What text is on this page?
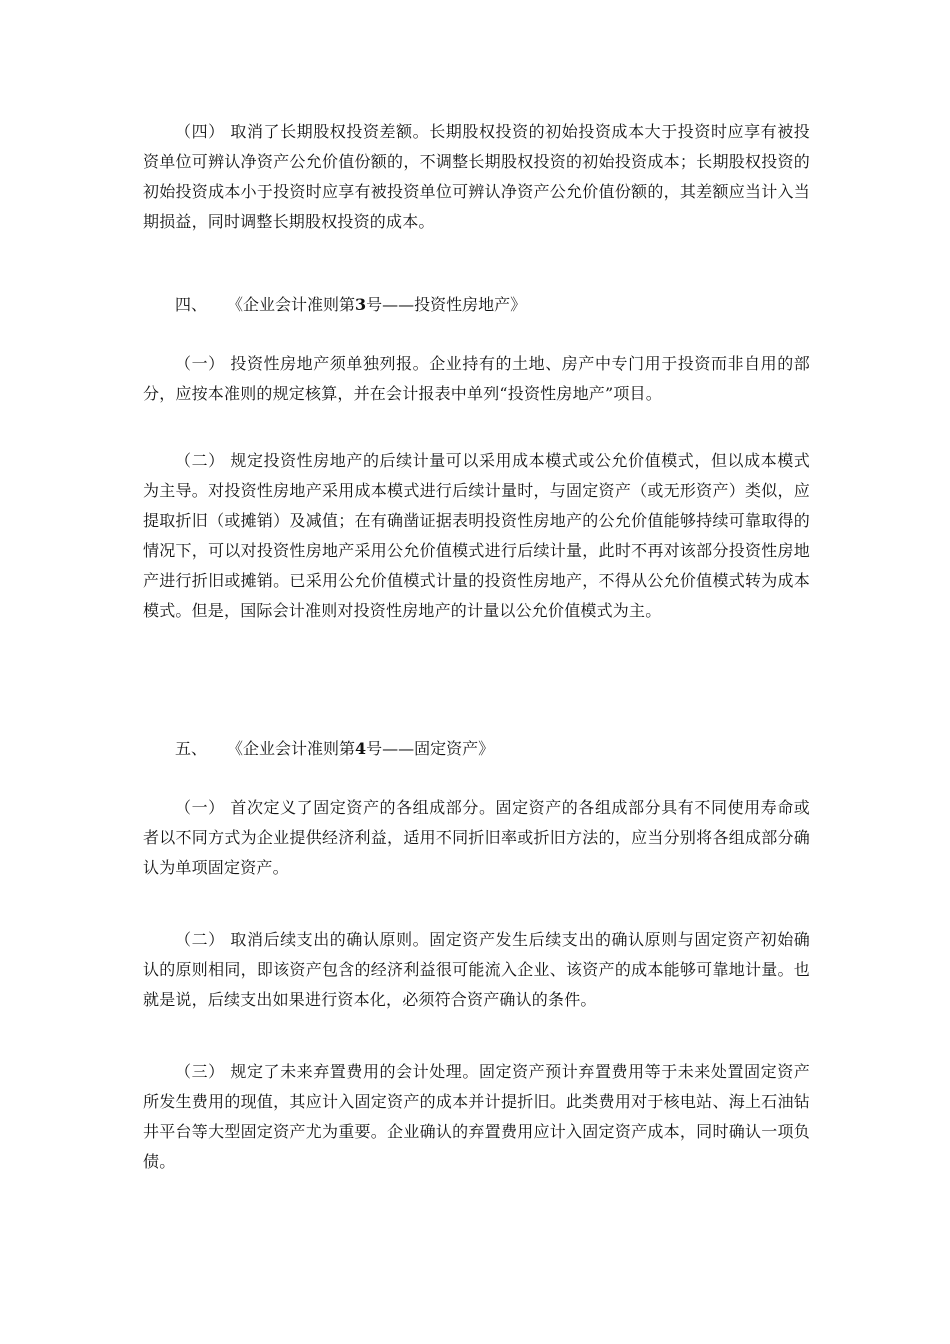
（四） 取消了长期股权投资差额。长期股权投资的初始投资成本大于投资时应享有被投资单位可辨认净资产公允价值份额的，不调整长期股权投资的初始投资成本；长期股权投资的初始投资成本小于投资时应享有被投资单位可辨认净资产公允价值份额的，其差额应当计入当期损益，同时调整长期股权投资的成本。

四、 《企业会计准则第3号——投资性房地产》

（一） 投资性房地产须单独列报。企业持有的土地、房产中专门用于投资而非自用的部分，应按本准则的规定核算，并在会计报表中单列“投资性房地产”项目。

（二） 规定投资性房地产的后续计量可以采用成本模式或公允价值模式，但以成本模式为主导。对投资性房地产采用成本模式进行后续计量时，与固定资产（或无形资产）类似，应提取折旧（或摊销）及减值；在有确凿证据表明投资性房地产的公允价值能够持续可靠取得的情况下，可以对投资性房地产采用公允价值模式进行后续计量，此时不再对该部分投资性房地产进行折旧或摊销。已采用公允价值模式计量的投资性房地产，不得从公允价值模式转为成本模式。但是，国际会计准则对投资性房地产的计量以公允价值模式为主。

五、 《企业会计准则第4号——固定资产》

（一） 首次定义了固定资产的各组成部分。固定资产的各组成部分具有不同使用寿命或者以不同方式为企业提供经济利益，适用不同折旧率或折旧方法的，应当分别将各组成部分确认为单项固定资产。

（二） 取消后续支出的确认原则。固定资产发生后续支出的确认原则与固定资产初始确认的原则相同，即该资产包含的经济利益很可能流入企业、该资产的成本能够可靠地计量。也就是说，后续支出如果进行资本化，必须符合资产确认的条件。

（三） 规定了未来弃置费用的会计处理。固定资产预计弃置费用等于未来处置固定资产所发生费用的现值，其应计入固定资产的成本并计提折旧。此类费用对于核电站、海上石油钻井平台等大型固定资产尤为重要。企业确认的弃置费用应计入固定资产成本，同时确认一项负债。
